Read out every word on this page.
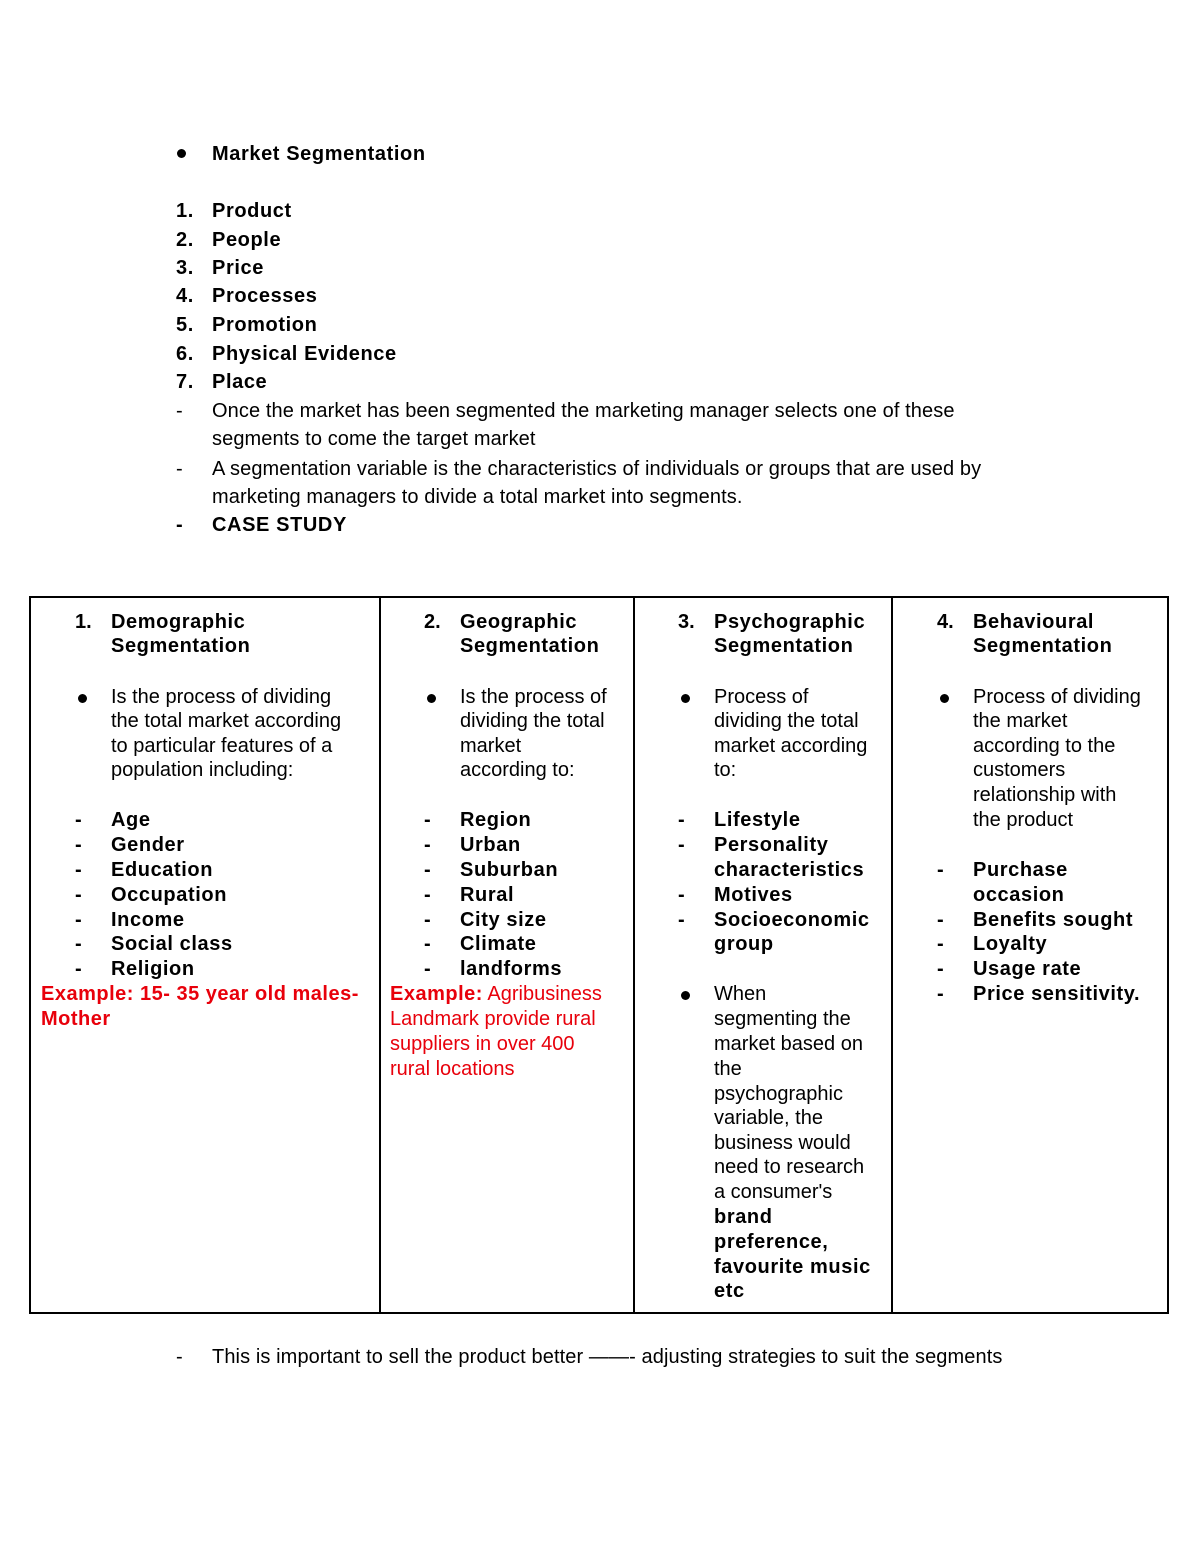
Market Segmentation
1. Product
2. People
3. Price
4. Processes
5. Promotion
6. Physical Evidence
7. Place
-	Once the market has been segmented the marketing manager selects one of these
segments to come the target market
-	A segmentation variable is the characteristics of individuals or groups that are used by
marketing managers to divide a total market into segments.
-	CASE STUDY
1. Demographic
Segmentation
Is the process of dividing
the total market according
to particular features of a
population including:
- Age
- Gender
- Education
- Occupation
- Income
- Social class
- Religion
Example: 15- 35 year old males-
Mother
2. Geographic
Segmentation
Is the process of
dividing the total
market
according to:
- Region
- Urban
- Suburban
- Rural
- City size
- Climate
- landforms
Example: Agribusiness
Landmark provide rural
suppliers in over 400
rural locations
3. Psychographic
Segmentation
Process of
dividing the total
market according
to:
- Lifestyle
- Personality
characteristics
- Motives
- Socioeconomic
group
When
segmenting the
market based on
the
psychographic
variable, the
business would
need to research
a consumer's
brand
preference,
favourite music
etc
4. Behavioural
Segmentation
Process of dividing
the market
according to the
customers
relationship with
the product
- Purchase
occasion
- Benefits sought
- Loyalty
- Usage rate
- Price sensitivity.
-	This is important to sell the product better ——- adjusting strategies to suit the segments
